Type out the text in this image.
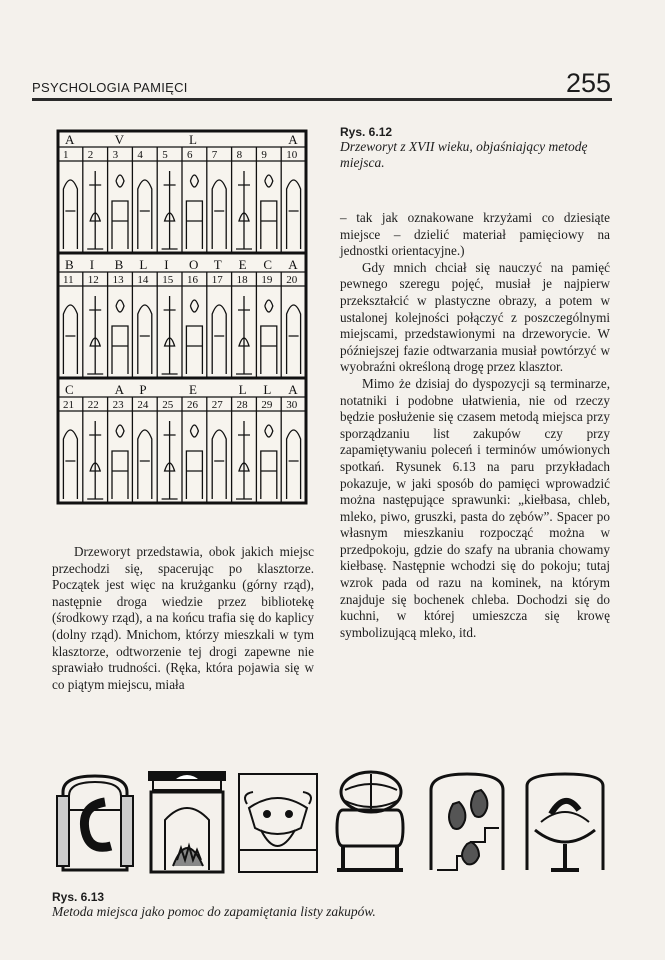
PSYCHOLOGIA PAMIĘCI	255
A	V	L	A
1 2 3 4 5 6 7 8 9 10
B I B L I O T E C A
11 12 13 14 15 16 17 18 19 20
C	A P	E	L L A
21 22 23 24 25 26 27 28 29 30
Rys. 6.12
Drzeworyt z XVII wieku, objaśniający metodę miejsca.

Drzeworyt przedstawia, obok jakich miejsc przechodzi się, spacerując po klasztorze. Początek jest więc na krużganku (górny rząd), następnie droga wiedzie przez bibliotekę (środkowy rząd), a na końcu trafia się do kaplicy (dolny rząd). Mnichom, którzy mieszkali w tym klasztorze, odtworzenie tej drogi zapewne nie sprawiało trudności. (Ręka, która pojawia się w co piątym miejscu, miała

– tak jak oznakowane krzyżami co dziesiąte miejsce – dzielić materiał pamięciowy na jednostki orientacyjne.)

Gdy mnich chciał się nauczyć na pamięć pewnego szeregu pojęć, musiał je najpierw przekształcić w plastyczne obrazy, a potem w ustalonej kolejności połączyć z poszczególnymi miejscami, przedstawionymi na drzeworycie. W późniejszej fazie odtwarzania musiał powtórzyć w wyobraźni określoną drogę przez klasztor.

Mimo że dzisiaj do dyspozycji są terminarze, notatniki i podobne ułatwienia, nie od rzeczy będzie posłużenie się czasem metodą miejsca przy sporządzaniu list zakupów czy przy zapamiętywaniu poleceń i terminów umówionych spotkań. Rysunek 6.13 na paru przykładach pokazuje, w jaki sposób do pamięci wprowadzić można następujące sprawunki: „kiełbasa, chleb, mleko, piwo, gruszki, pasta do zębów”. Spacer po własnym mieszkaniu rozpocząć można w przedpokoju, gdzie do szafy na ubrania chowamy kiełbasę. Następnie wchodzi się do pokoju; tutaj wzrok pada od razu na kominek, na którym znajduje się bochenek chleba. Dochodzi się do kuchni, w której umieszcza się krowę symbolizującą mleko, itd.

Rys. 6.13
Metoda miejsca jako pomoc do zapamiętania listy zakupów.
